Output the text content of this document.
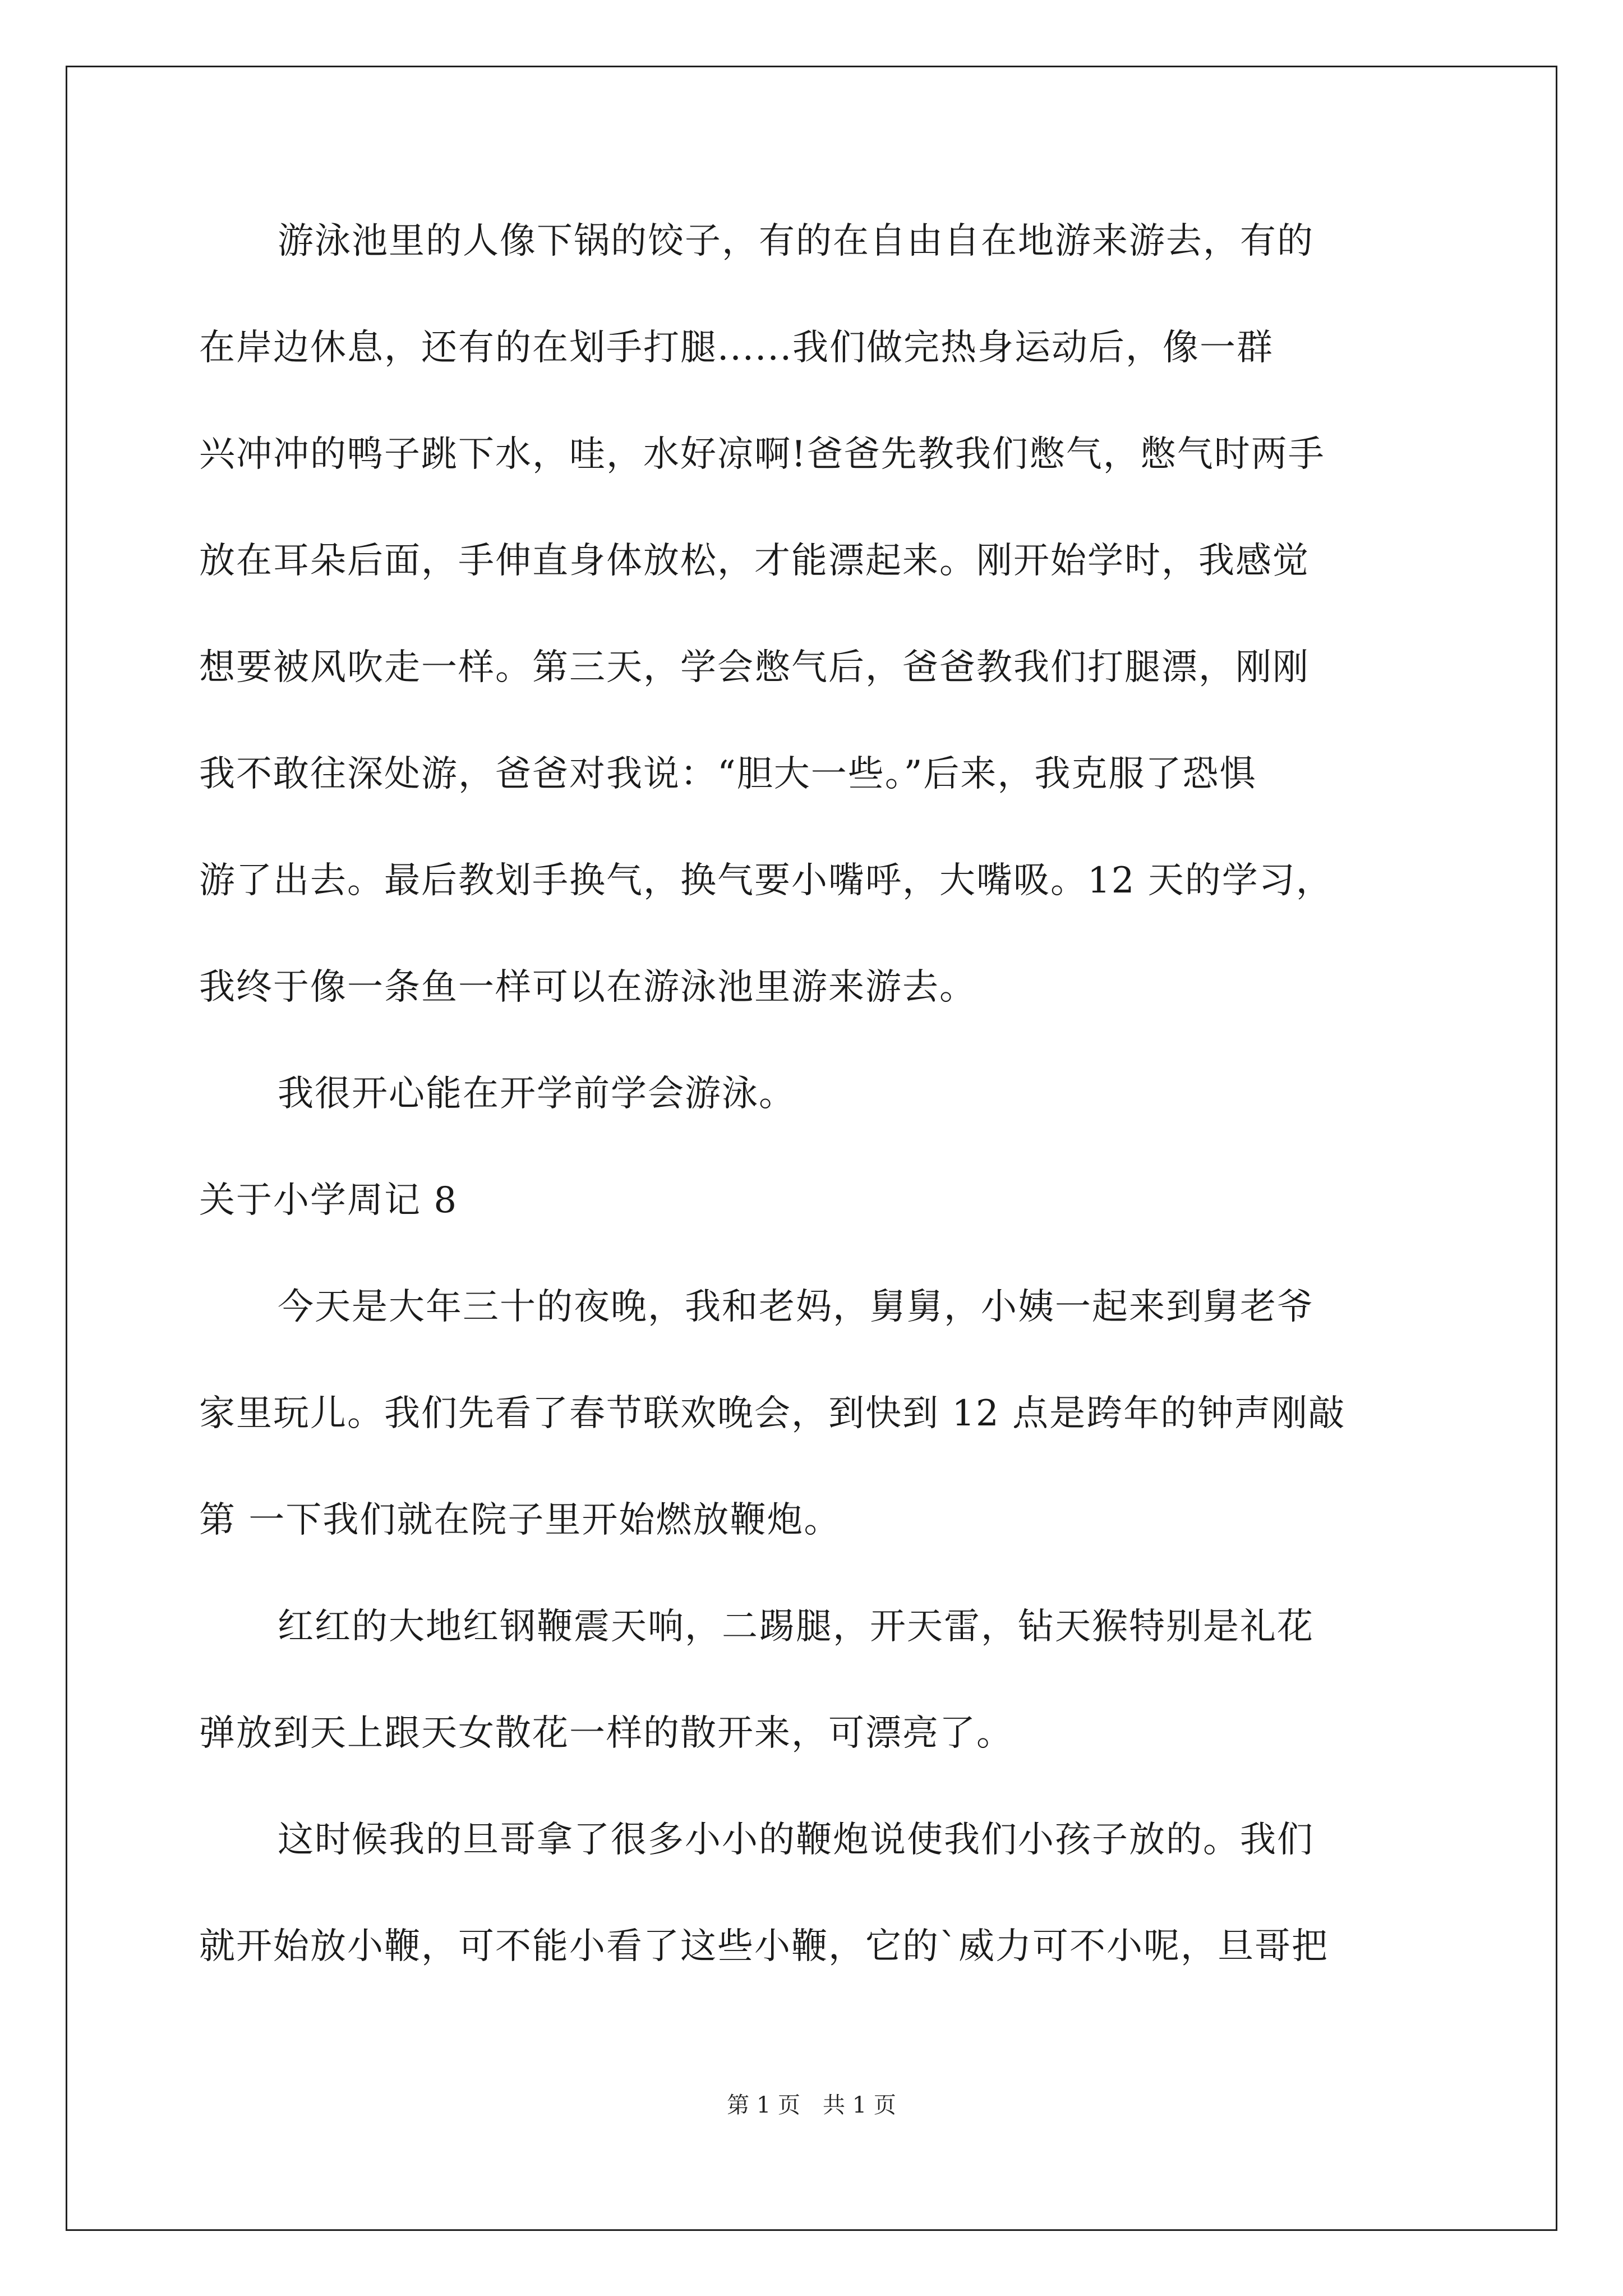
游泳池里的人像下锅的饺子，有的在自由自在地游来游去，有的
在岸边休息，还有的在划手打腿......我们做完热身运动后，像一群
兴冲冲的鸭子跳下水，哇，水好凉啊!爸爸先教我们憋气，憋气时两手
放在耳朵后面，手伸直身体放松，才能漂起来。刚开始学时，我感觉
想要被风吹走一样。第三天，学会憋气后，爸爸教我们打腿漂，刚刚
我不敢往深处游，爸爸对我说：“胆大一些。”后来，我克服了恐惧
游了出去。最后教划手换气，换气要小嘴呼，大嘴吸。12 天的学习，
我终于像一条鱼一样可以在游泳池里游来游去。
我很开心能在开学前学会游泳。
关于小学周记 8
今天是大年三十的夜晚，我和老妈，舅舅，小姨一起来到舅老爷
家里玩儿。我们先看了春节联欢晚会，到快到 12 点是跨年的钟声刚敲
第 一下我们就在院子里开始燃放鞭炮。
红红的大地红钢鞭震天响，二踢腿，开天雷，钻天猴特别是礼花
弹放到天上跟天女散花一样的散开来，可漂亮了。
这时候我的旦哥拿了很多小小的鞭炮说使我们小孩子放的。我们
就开始放小鞭，可不能小看了这些小鞭，它的`威力可不小呢，旦哥把
第 1 页　共 1 页
